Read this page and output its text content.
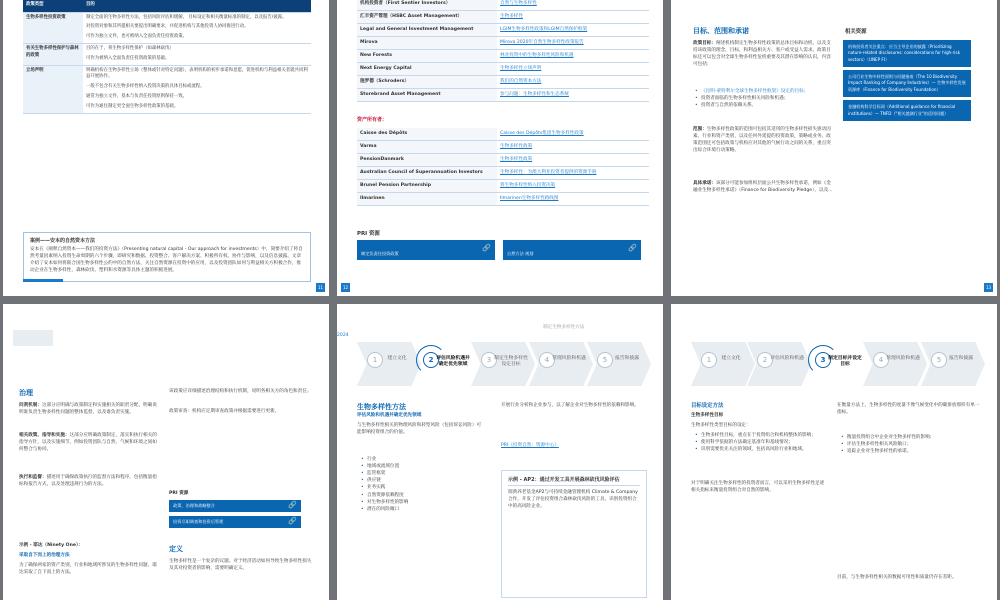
政策类型	目的
生物多样性投资政策	制定全面的生物多样性方法，包括风险评估和缓解， 目标设定和相关衡量标准的制定，以及报告/披露。

对投资对象和其所提相关要提出明确要求，并促进机构与其他投资人协同推进行动。

可作为独立文件，也可被纳入全面负责任投资政策。

有关生物多样性保护与森林的政策	目的在于，将生物多样性保护（如森林砍伐）

可作为被纳入全面负责任投资政策的基础。

立场声明	明确机构在生物多样性立场（整体或针对特定问题），表明机构的初步承诺和意愿，促进机构与利益相关者就共同利益开展协作。

一般不包含有关生物多样性纳入投资决策的具体目标或流程。

通常为独立文件，基本与负责任投资原则保持一致。

可作为通往制定更全面生物多样性政策的基础。

案例——安本的自然资本方法
安本在《阐释自然资本——我们的投资方法》（Presenting natural capital - Our approach for investments）中，简要介绍了将自然考量因素纳入投资生命周期的六个步骤，即研究和数据、投资整合、客户解决方案、积极所有权、协作与影响，以及信息披露。文章介绍了安本如何将联合国生物多样性公约中的自然方法，关注自然资源在投资中的应用，以及投资团队如何与利益相关方积极合作，推动企业在生物多样性、森林砍伐、塑料和水资源等具体主题的积极进展。
11
机构投资者（First Sentier Investors）	自然与生物多样性
汇丰资产管理（HSBC Asset Management）	生物多样性
Legal and General Investment Management	LGIM生物多样性政策和LGIM自然保护框架
Mirova	Mirova 2020年自然生物多样性政策报告
New Forests	林业投资中的生物多样性风险和机遇
Next Energy Capital	生物多样性立场声明
施罗德（Schroders）	我们的自然资本方法
Storebrand Asset Management	参与问题：生物多样性和生态系统
资产所有者：
Caisse des Dépôts	Caisse des Dépôts集团生物多样性政策
Varma	生物多样性政策
PensionDanmark	生物多样性政策
Australian Council of Superannuation Investors	生物多样性：为澳大利亚投资者提供的资源手册
Brunel Pension Partnership	将生物多样性纳入投资决策
Ilmarinen	Ilmarinen生物多样性路线图
PRI 资源
制定负责任投资政策
🔗
自然方法 规划
🔗
12
目标、范围和承诺
政策目标：阐述机构制定生物多样性政策的总体目标和动机，以及支持该政策的理念，目标，和利益相关方、客户或受益人需求。政策目标还可以包含对全球生物多样性危机重要及其潜在影响的认识，内容可包括：
• 《昆明-蒙特利尔全球生物多样性框架》设定的目标；
• 投资者面临的生物多样性相关风险和机遇；
• 投资者与自然的依赖关系。
范围：生物多样性政策的范围可包括其适用的生物多样性损失驱动因素、行业和资产类别，以及任何外延提的投资政策，策略或业务。政策范围还可包括政策与机构应对其他的气候行动之间的关系，重点突出综合环境行动策略。
具体承诺：该部分可能参加组织层面公共生物多样性承诺，例如《金融业生物多样性承诺》（Finance for Biodiversity Pledge），以及...
相关资源
机构投资者关注重点：应当主导企业的披露（Prioritizing nature-related disclosures: considerations for high-risk sectors）（UNEP FI）
公司行业生物多样性原则与问题指南（The 10 Biodiversity Impact Ranking of Company Industries）— 生物多样性发展资源库（Finance for Biodiversity Foundation）
金融机构科学目标网（Additional guidance for financial institutions）— TNFD（"相关越测行业"的适用问题）
13
治理
问责机制：这部分应明确与政策制定和实施相关的职责分配，明确说明谁负责生物多样性问题的整体监督，以及谁负责实施。
相关政策、指导和实施：这部分应明确政策制定，落实和执行相关的指导方针，以及实施细节，例如投资团队与自然，气候和环境之间如何整合与协同。
执行和监督：描述用于确保政策执行的监督方法和程序，包括衡量指标和报告方式，以及处理违规行为的方法。
示例 - 耶达（Ninety One）：
采取自下而上的治理方法
为了确保两家的资产类别，行业和地域所涉及的生物多样性问题，耶达采取了自下而上的方法。
该政策应详细描述治理结构和执行机制，说明各相关方的角色和责任。
政策审查：机构应定期审查政策并根据需要进行更新。
PRI 资源
政策、治理和战略整合	🔗
投资尽职调查和投资后管理	🔗
定义
生物多样性是一个复杂的议题。对于经济活动如何导致生物多样性损失及其对投资者的影响，需要明确定义。
制定生物多样性方法
2024
1	建立文化	2 评估风险机遇并确定优先领域
3 制定生物多样性设定目标
4 管理风险和机遇	5	报告和披露
生物多样性方法
评估风险和机遇并确定优先领域
与生物多样性相关的物理风险和转型风险（包括诉讼风险）可能影响投资组合的价值。
• 行业
• 地域或流域位置
• 监管框架
• 供应链
• 业务实践
• 自然资源依赖程度
• 对生物多样性的影响
• 潜在的风险敞口
开展行业分析和企业参与，以了解企业对生物多样性的依赖和影响。
PRI《投资自然：资源中心》
示例 - AP2：通过开发工具开展森林砍伐风险评估
瑞典养老基金AP2与可持续金融管理机构 Climate & Company 合作，开发了评估投资组合森林砍伐风险的工具，识别投资组合中的高风险企业。
1	建立文化	2 评估风险和机遇	3 制定目标并设定目标
4 管理风险和机遇	5	报告和披露
目标设定方法
生物多样性目标
生物多样性类型目标的设定：
• 生物多样性目标，重点在于投资组合和机构整体的影响；
• 使用科学依据的方法确定基准年和基线情况；
• 识别需要优先关注的领域，包括高风险行业和地域。
对于明确关注生物多样性的投资者而言，可以采用生物多样性足迹相关指标来衡量投资组合对自然的影响。
在衡量方法上，生物多样性的度量不像气候变化中的碳排放那样有单一指标。
• 衡量投资组合中企业对生物多样性的影响；
• 评估生物多样性相关风险敞口；
• 追踪企业对生物多样性的承诺。
目前，与生物多样性相关的数据可用性和质量仍存在差距。
